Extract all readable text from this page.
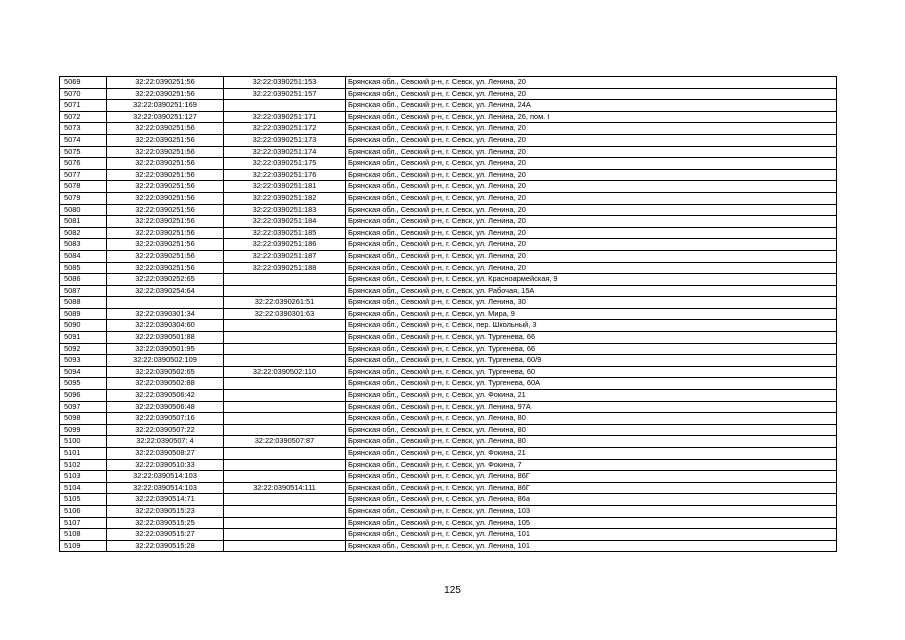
5069	32:22:0390251:56	32:22:0390251:153	Брянская обл., Севский р-н, г. Севск, ул. Ленина, 20
5070	32:22:0390251:56	32:22:0390251:157	Брянская обл., Севский р-н, г. Севск, ул. Ленина, 20
5071	32:22:0390251:169		Брянская обл., Севский р-н, г. Севск, ул. Ленина, 24А
5072	32:22:0390251:127	32:22:0390251:171	Брянская обл., Севский р-н, г. Севск, ул. Ленина, 26, пом. I
5073	32:22:0390251:56	32:22:0390251:172	Брянская обл., Севский р-н, г. Севск, ул. Ленина, 20
5074	32:22:0390251:56	32:22:0390251:173	Брянская обл., Севский р-н, г. Севск, ул. Ленина, 20
5075	32:22:0390251:56	32:22:0390251:174	Брянская обл., Севский р-н, г. Севск, ул. Ленина, 20
5076	32:22:0390251:56	32:22:0390251:175	Брянская обл., Севский р-н, г. Севск, ул. Ленина, 20
5077	32:22:0390251:56	32:22:0390251:176	Брянская обл., Севский р-н, г. Севск, ул. Ленина, 20
5078	32:22:0390251:56	32:22:0390251:181	Брянская обл., Севский р-н, г. Севск, ул. Ленина, 20
5079	32:22:0390251:56	32:22:0390251:182	Брянская обл., Севский р-н, г. Севск, ул. Ленина, 20
5080	32:22:0390251:56	32:22:0390251:183	Брянская обл., Севский р-н, г. Севск, ул. Ленина, 20
5081	32:22:0390251:56	32:22:0390251:184	Брянская обл., Севский р-н, г. Севск, ул. Ленина, 20
5082	32:22:0390251:56	32:22:0390251:185	Брянская обл., Севский р-н, г. Севск, ул. Ленина, 20
5083	32:22:0390251:56	32:22:0390251:186	Брянская обл., Севский р-н, г. Севск, ул. Ленина, 20
5084	32:22:0390251:56	32:22:0390251:187	Брянская обл., Севский р-н, г. Севск, ул. Ленина, 20
5085	32:22:0390251:56	32:22:0390251:188	Брянская обл., Севский р-н, г. Севск, ул. Ленина, 20
5086	32:22:0390252:65		Брянская обл., Севский р-н, г. Севск, ул. Красноармейская, 9
5087	32:22:0390254:64		Брянская обл., Севский р-н, г. Севск, ул. Рабочая, 15А
5088		32:22:0390261:51	Брянская обл., Севский р-н, г. Севск, ул. Ленина, 30
5089	32:22:0390301:34	32:22:0390301:63	Брянская обл., Севский р-н, г. Севск, ул. Мира, 9
5090	32:22:0390304:60		Брянская обл., Севский р-н, г. Севск, пер. Школьный, 3
5091	32:22:0390501:88		Брянская обл., Севский р-н, г. Севск, ул. Тургенева, 66
5092	32:22:0390501:95		Брянская обл., Севский р-н, г. Севск, ул. Тургенева, 66
5093	32:22:0390502:109		Брянская обл., Севский р-н, г. Севск, ул. Тургенева, 60/9
5094	32:22:0390502:65	32:22:0390502:110	Брянская обл., Севский р-н, г. Севск, ул. Тургенева, 60
5095	32:22:0390502:88		Брянская обл., Севский р-н, г. Севск, ул. Тургенева, 60А
5096	32:22:0390506:42		Брянская обл., Севский р-н, г. Севск, ул. Фокина, 21
5097	32:22:0390506:48		Брянская обл., Севский р-н, г. Севск, ул. Ленина, 97А
5098	32:22:0390507:16		Брянская обл., Севский р-н, г. Севск, ул. Ленина, 80
5099	32:22:0390507:22		Брянская обл., Севский р-н, г. Севск, ул. Ленина, 80
5100	32:22:0390507: 4	32:22:0390507:87	Брянская обл., Севский р-н, г. Севск, ул. Ленина, 80
5101	32:22:0390508:27		Брянская обл., Севский р-н, г. Севск, ул. Фокина, 21
5102	32:22:0390510:33		Брянская обл., Севский р-н, г. Севск, ул. Фокина, 7
5103	32:22:0390514:103		Брянская обл., Севский р-н, г. Севск, ул. Ленина, 86Г
5104	32:22:0390514:103	32:22:0390514:111	Брянская обл., Севский р-н, г. Севск, ул. Ленина, 86Г
5105	32:22:0390514:71		Брянская обл., Севский р-н, г. Севск, ул. Ленина, 86а
5106	32:22:0390515:23		Брянская обл., Севский р-н, г. Севск, ул. Ленина, 103
5107	32:22:0390515:25		Брянская обл., Севский р-н, г. Севск, ул. Ленина, 105
5108	32:22:0390515:27		Брянская обл., Севский р-н, г. Севск, ул. Ленина, 101
5109	32:22:0390515:28		Брянская обл., Севский р-н, г. Севск, ул. Ленина, 101
125
